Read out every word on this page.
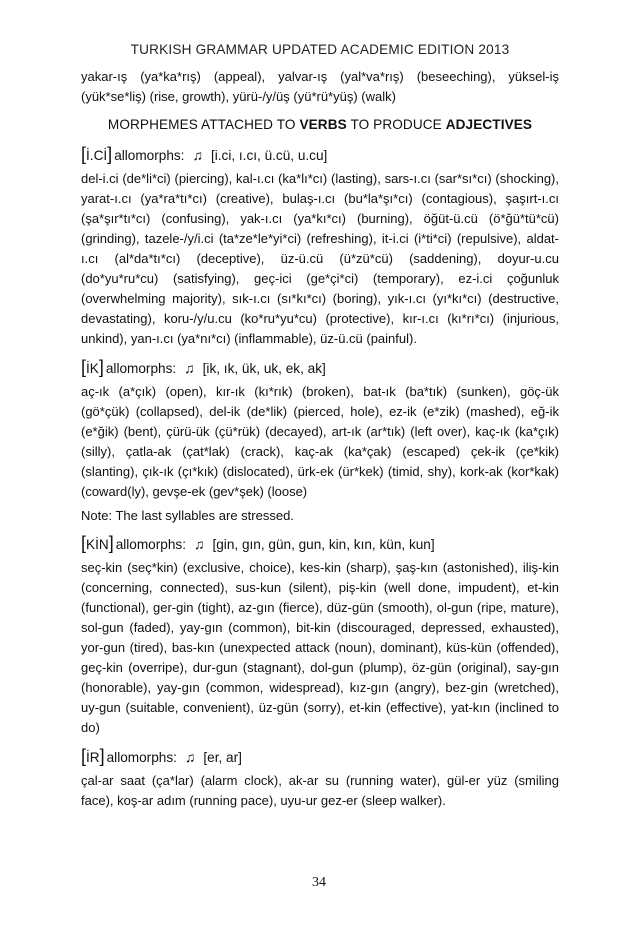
TURKISH GRAMMAR UPDATED ACADEMIC EDITION 2013

yakar-ış (ya*ka*rış) (appeal), yalvar-ış (yal*va*rış) (beseeching), yüksel-iş (yük*se*liş) (rise, growth), yürü-/y/üş (yü*rü*yüş) (walk)

MORPHEMES ATTACHED TO VERBS TO PRODUCE ADJECTIVES
[ İ.Cİ ] allomorphs: ♫ [i.ci, ı.cı, ü.cü, u.cu]

del-i.ci (de*li*ci) (piercing), kal-ı.cı (ka*lı*cı) (lasting), sars-ı.cı (sar*sı*cı) (shocking), yarat-ı.cı (ya*ra*tı*cı) (creative), bulaş-ı.cı (bu*la*şı*cı) (contagious), şaşırt-ı.cı (şa*şır*tı*cı) (confusing), yak-ı.cı (ya*kı*cı) (burning), öğüt-ü.cü (ö*ğü*tü*cü) (grinding), tazele-/y/i.ci (ta*ze*le*yi*ci) (refreshing), it-i.ci (i*ti*ci) (repulsive), aldat-ı.cı (al*da*tı*cı) (deceptive), üz-ü.cü (ü*zü*cü) (saddening), doyur-u.cu (do*yu*ru*cu) (satisfying), geç-ici (ge*çi*ci) (temporary), ez-i.ci çoğunluk (overwhelming majority), sık-ı.cı (sı*kı*cı) (boring), yık-ı.cı (yı*kı*cı) (destructive, devastating), koru-/y/u.cu (ko*ru*yu*cu) (protective), kır-ı.cı (kı*rı*cı) (injurious, unkind), yan-ı.cı (ya*nı*cı) (inflammable), üz-ü.cü (painful).

[ İK ] allomorphs: ♫ [ik, ık, ük, uk, ek, ak]

aç-ık (a*çık) (open), kır-ık (kı*rık) (broken), bat-ık (ba*tık) (sunken), göç-ük (gö*çük) (collapsed), del-ik (de*lik) (pierced, hole), ez-ik (e*zik) (mashed), eğ-ik (e*ğik) (bent), çürü-ük (çü*rük) (decayed), art-ık (ar*tık) (left over), kaç-ık (ka*çık) (silly), çatla-ak (çat*lak) (crack), kaç-ak (ka*çak) (escaped) çek-ik (çe*kik) (slanting), çık-ık (çı*kık) (dislocated), ürk-ek (ür*kek) (timid, shy), kork-ak (kor*kak) (coward(ly), gevşe-ek (gev*şek) (loose)

Note: The last syllables are stressed.

[ KİN ] allomorphs: ♫ [gin, gın, gün, gun, kin, kın, kün, kun]

seç-kin (seç*kin) (exclusive, choice), kes-kin (sharp), şaş-kın (astonished), iliş-kin (concerning, connected), sus-kun (silent), piş-kin (well done, impudent), et-kin (functional), ger-gin (tight), az-gın (fierce), düz-gün (smooth), ol-gun (ripe, mature), sol-gun (faded), yay-gın (common), bit-kin (discouraged, depressed, exhausted), yor-gun (tired), bas-kın (unexpected attack (noun), dominant), küs-kün (offended), geç-kin (overripe), dur-gun (stagnant), dol-gun (plump), öz-gün (original), say-gın (honorable), yay-gın (common, widespread), kız-gın (angry), bez-gin (wretched), uy-gun (suitable, convenient), üz-gün (sorry), et-kin (effective), yat-kın (inclined to do)

[ İR ] allomorphs: ♫ [er, ar]

çal-ar saat (ça*lar) (alarm clock), ak-ar su (running water), gül-er yüz (smiling face), koş-ar adım (running pace), uyu-ur gez-er (sleep walker).

34
